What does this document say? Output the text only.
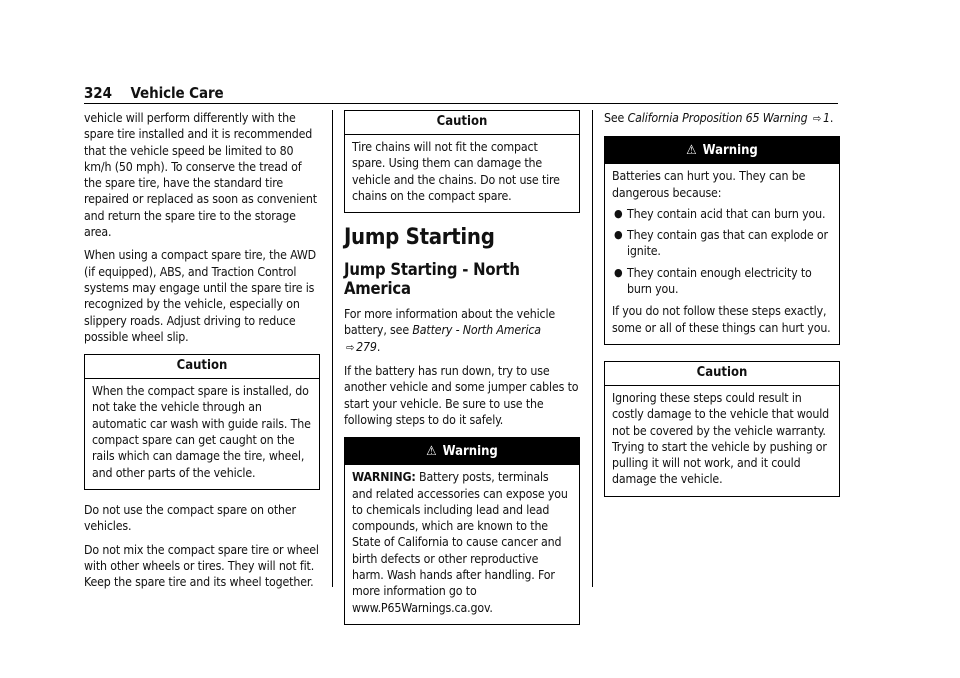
324 Vehicle Care

vehicle will perform differently with the spare tire installed and it is recommended that the vehicle speed be limited to 80 km/h (50 mph). To conserve the tread of the spare tire, have the standard tire repaired or replaced as soon as convenient and return the spare tire to the storage area.

When using a compact spare tire, the AWD (if equipped), ABS, and Traction Control systems may engage until the spare tire is recognized by the vehicle, especially on slippery roads. Adjust driving to reduce possible wheel slip.

Caution

When the compact spare is installed, do not take the vehicle through an automatic car wash with guide rails. The compact spare can get caught on the rails which can damage the tire, wheel, and other parts of the vehicle.

Do not use the compact spare on other vehicles.

Do not mix the compact spare tire or wheel with other wheels or tires. They will not fit. Keep the spare tire and its wheel together.

Caution

Tire chains will not fit the compact spare. Using them can damage the vehicle and the chains. Do not use tire chains on the compact spare.

Jump Starting
Jump Starting - North America

For more information about the vehicle battery, see Battery - North America ⇨ 279.

If the battery has run down, try to use another vehicle and some jumper cables to start your vehicle. Be sure to use the following steps to do it safely.

⚠ Warning

WARNING: Battery posts, terminals and related accessories can expose you to chemicals including lead and lead compounds, which are known to the State of California to cause cancer and birth defects or other reproductive harm. Wash hands after handling. For more information go to www.P65Warnings.ca.gov.

See California Proposition 65 Warning ⇨ 1.

⚠ Warning

Batteries can hurt you. They can be dangerous because:

● They contain acid that can burn you.
● They contain gas that can explode or ignite.
● They contain enough electricity to burn you.

If you do not follow these steps exactly, some or all of these things can hurt you.

Caution

Ignoring these steps could result in costly damage to the vehicle that would not be covered by the vehicle warranty. Trying to start the vehicle by pushing or pulling it will not work, and it could damage the vehicle.
